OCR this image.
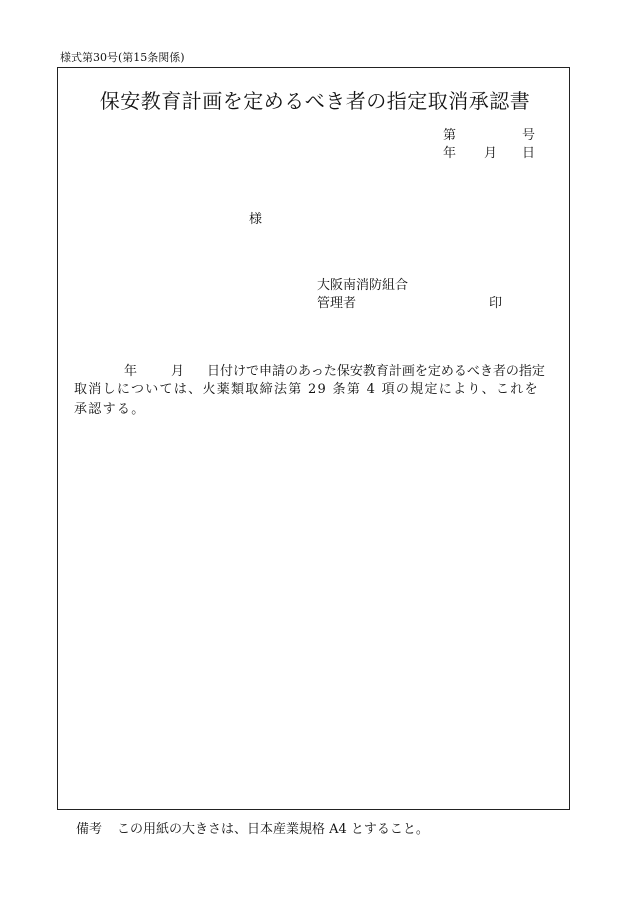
様式第30号(第15条関係)
保安教育計画を定めるべき者の指定取消承認書
第	号
年 月 日
様
大阪南消防組合
管理者	印
年	月 日付けで申請のあった保安教育計画を定めるべき者の指定
取消しについては、火薬類取締法第 29 条第 4 項の規定により、これを
承認する。
備考 この用紙の大きさは、日本産業規格 A4 とすること。
